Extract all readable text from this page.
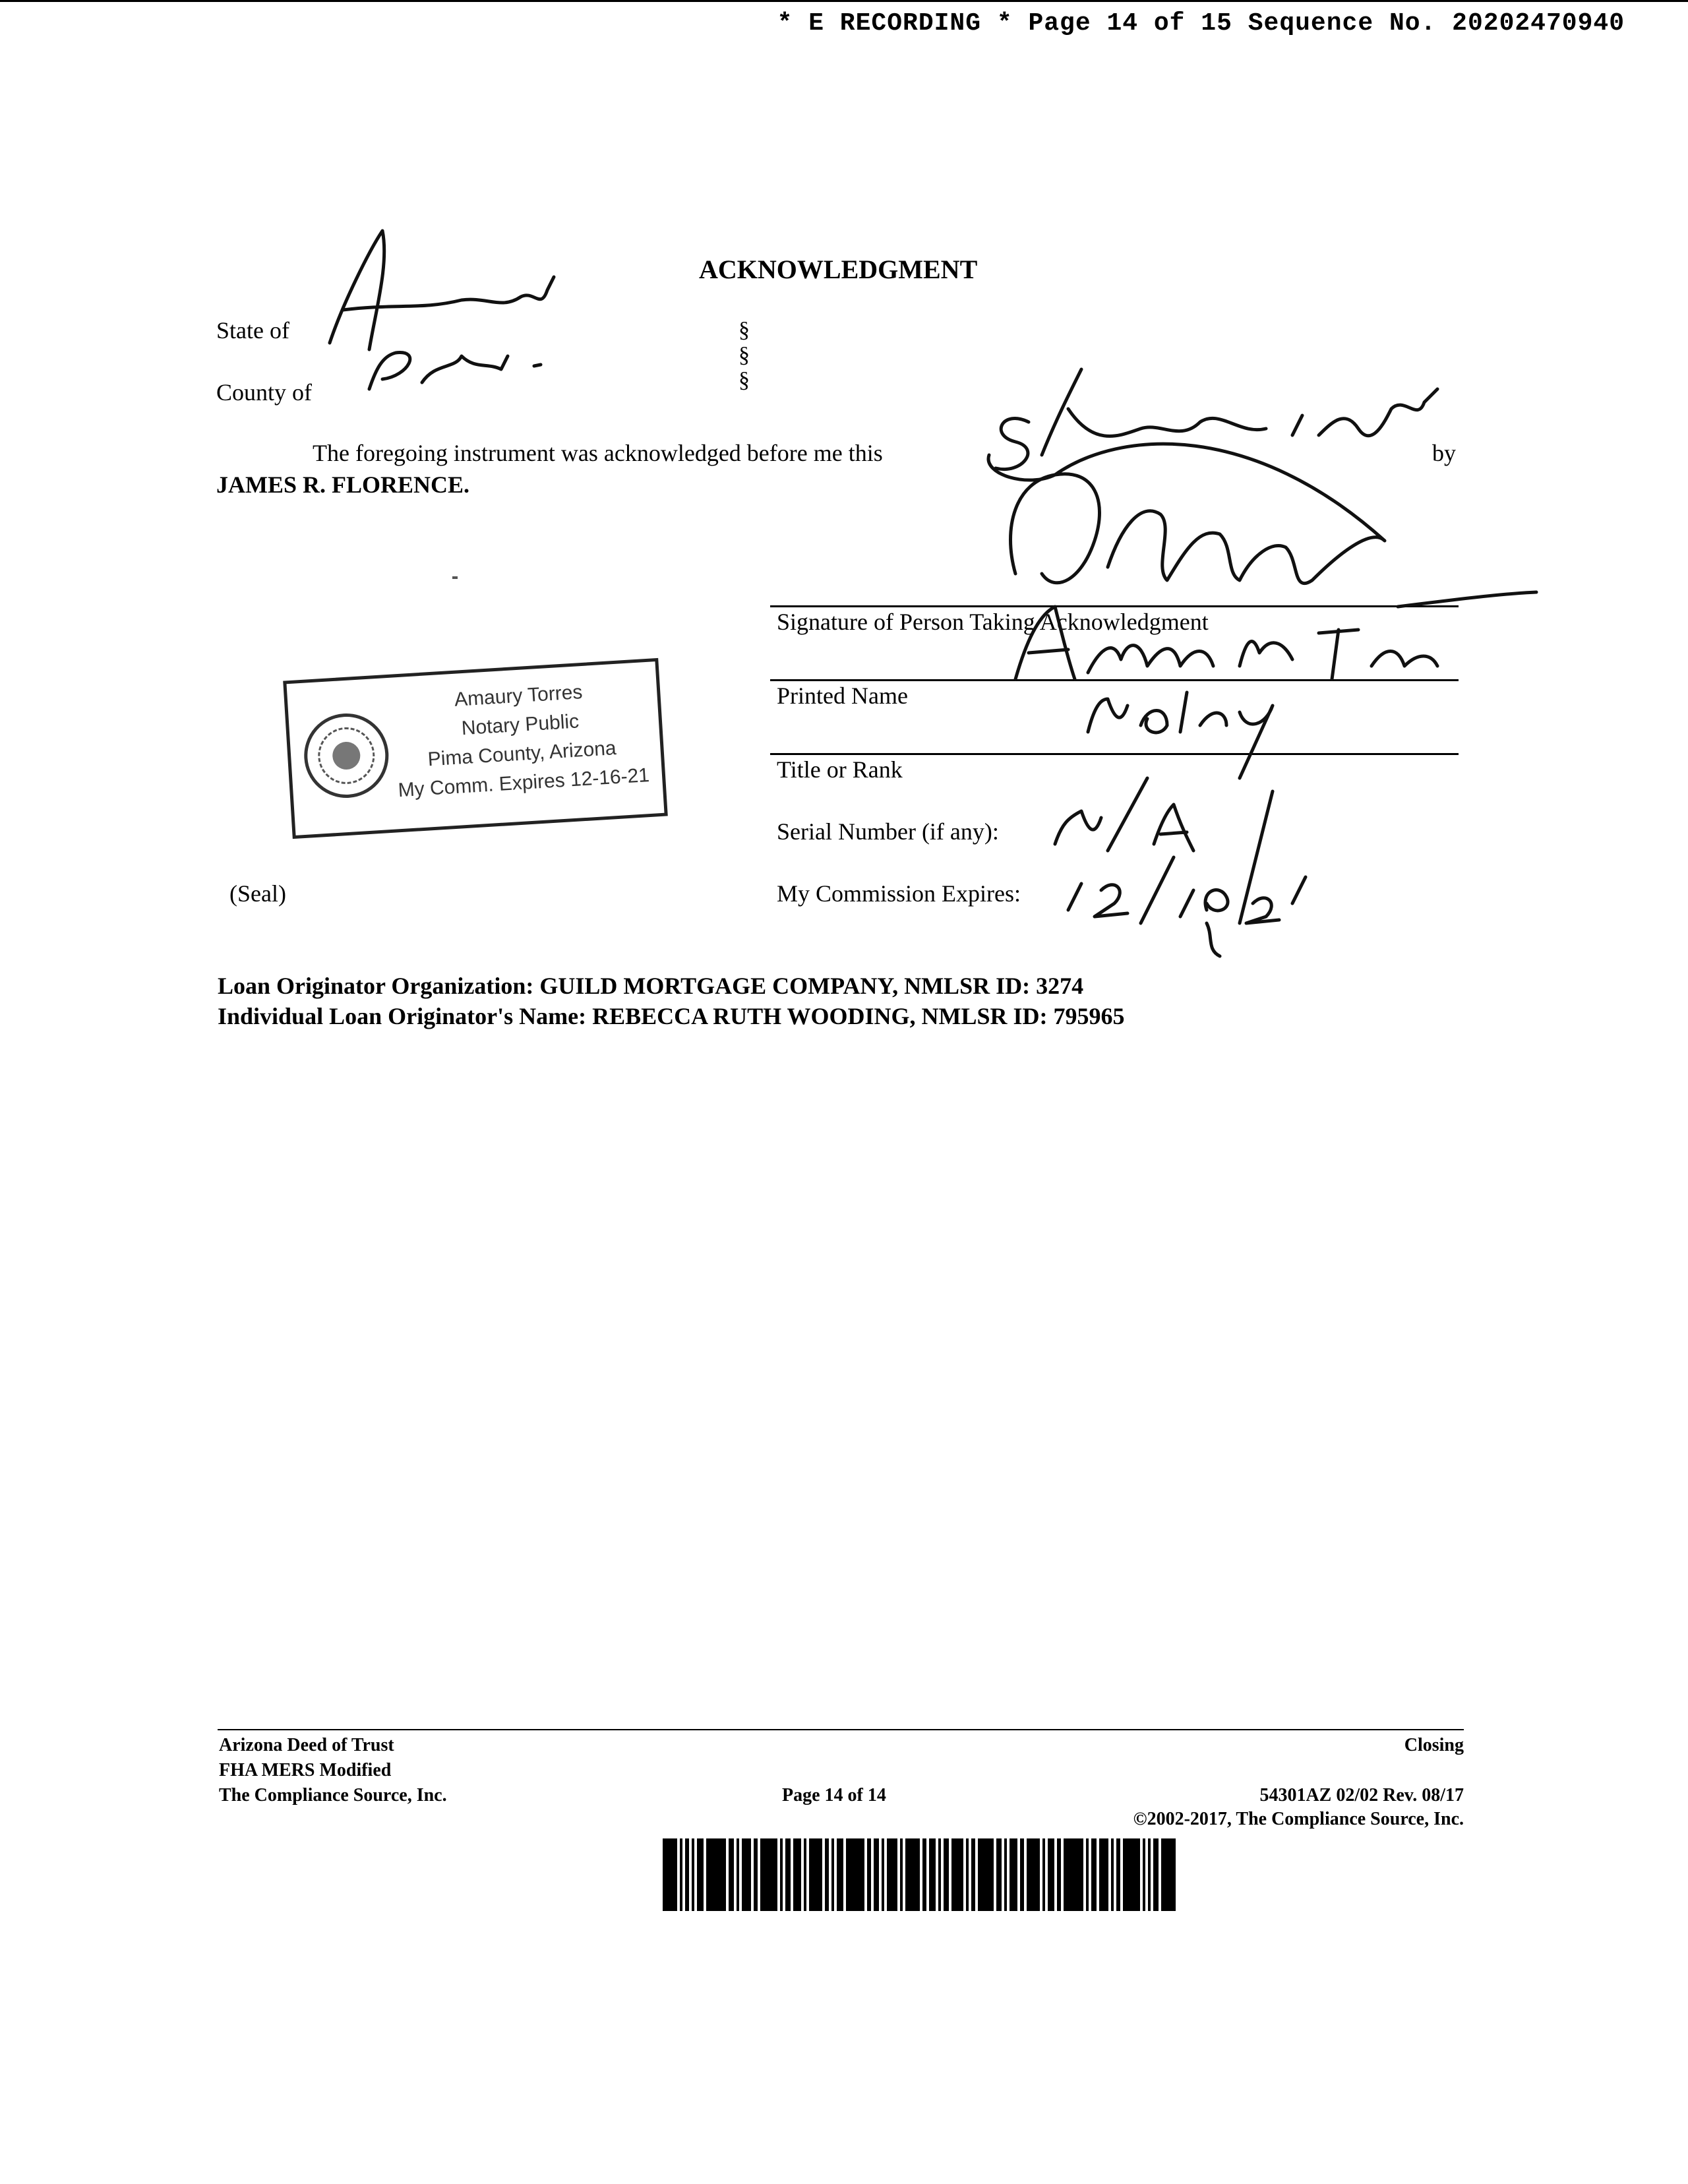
* E RECORDING * Page 14 of 15 Sequence No. 20202470940
ACKNOWLEDGMENT
State of
County of
§
§
§
The foregoing instrument was acknowledged before me this	by
JAMES R. FLORENCE.
Signature of Person Taking Acknowledgment
Printed Name
Title or Rank
Serial Number (if any):
My Commission Expires:
(Seal)
Amaury Torres
Notary Public
Pima County, Arizona
My Comm. Expires 12-16-21
Loan Originator Organization: GUILD MORTGAGE COMPANY, NMLSR ID: 3274
Individual Loan Originator's Name: REBECCA RUTH WOODING, NMLSR ID: 795965
Arizona Deed of Trust
FHA MERS Modified
The Compliance Source, Inc.	Page 14 of 14
Closing
54301AZ 02/02 Rev. 08/17
©2002-2017, The Compliance Source, Inc.
